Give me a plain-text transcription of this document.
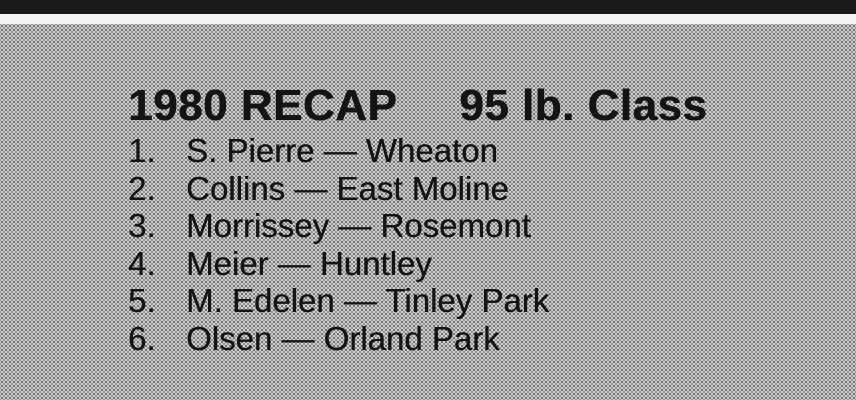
1980 RECAP 95 lb. Class
1. S. Pierre — Wheaton
2. Collins — East Moline
3. Morrissey — Rosemont
4. Meier — Huntley
5. M. Edelen — Tinley Park
6. Olsen — Orland Park
